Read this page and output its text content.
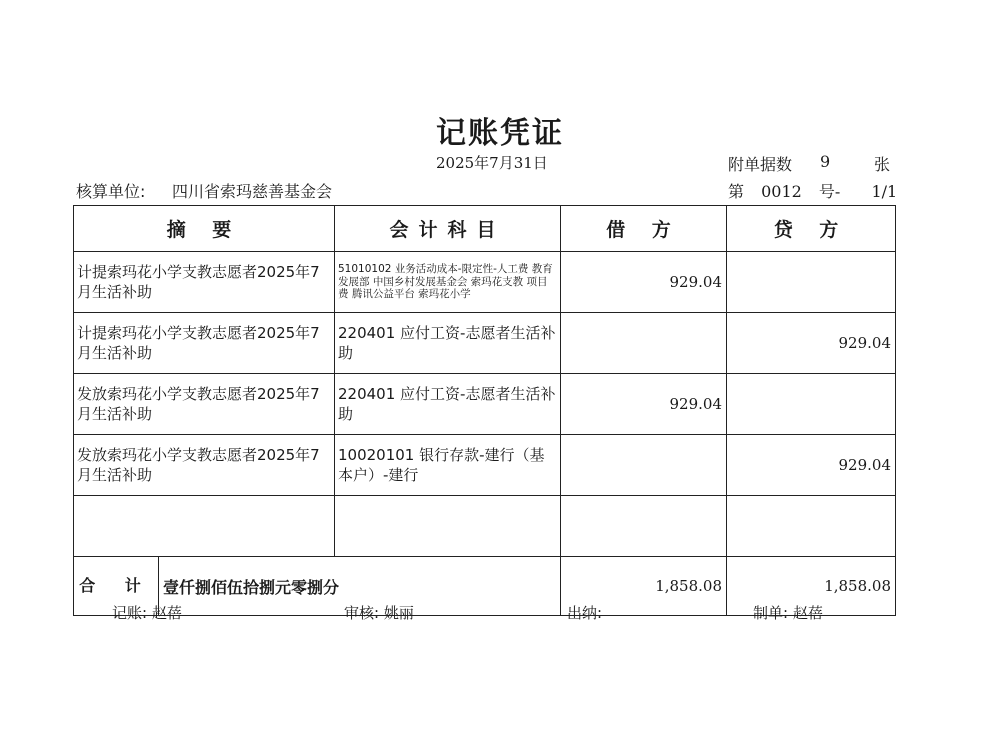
记账凭证
2025年7月31日	附单据数 9	张
核算单位: 四川省索玛慈善基金会	第 0012 号- 1/1
摘 要	会计科目	借 方	贷 方
计提索玛花小学支教志愿者2025年7月生活补助	51010102 业务活动成本-限定性-人工费 教育发展部 中国乡村发展基金会 索玛花支教 项目费 腾讯公益平台 索玛花小学	929.04	
计提索玛花小学支教志愿者2025年7月生活补助	220401 应付工资-志愿者生活补助		929.04
发放索玛花小学支教志愿者2025年7月生活补助	220401 应付工资-志愿者生活补助	929.04	
发放索玛花小学支教志愿者2025年7月生活补助	10020101 银行存款-建行（基本户）-建行		929.04

合 计 壹仟捌佰伍拾捌元零捌分		1,858.08	1,858.08
记账: 赵蓓	审核: 姚丽	出纳:	制单: 赵蓓
